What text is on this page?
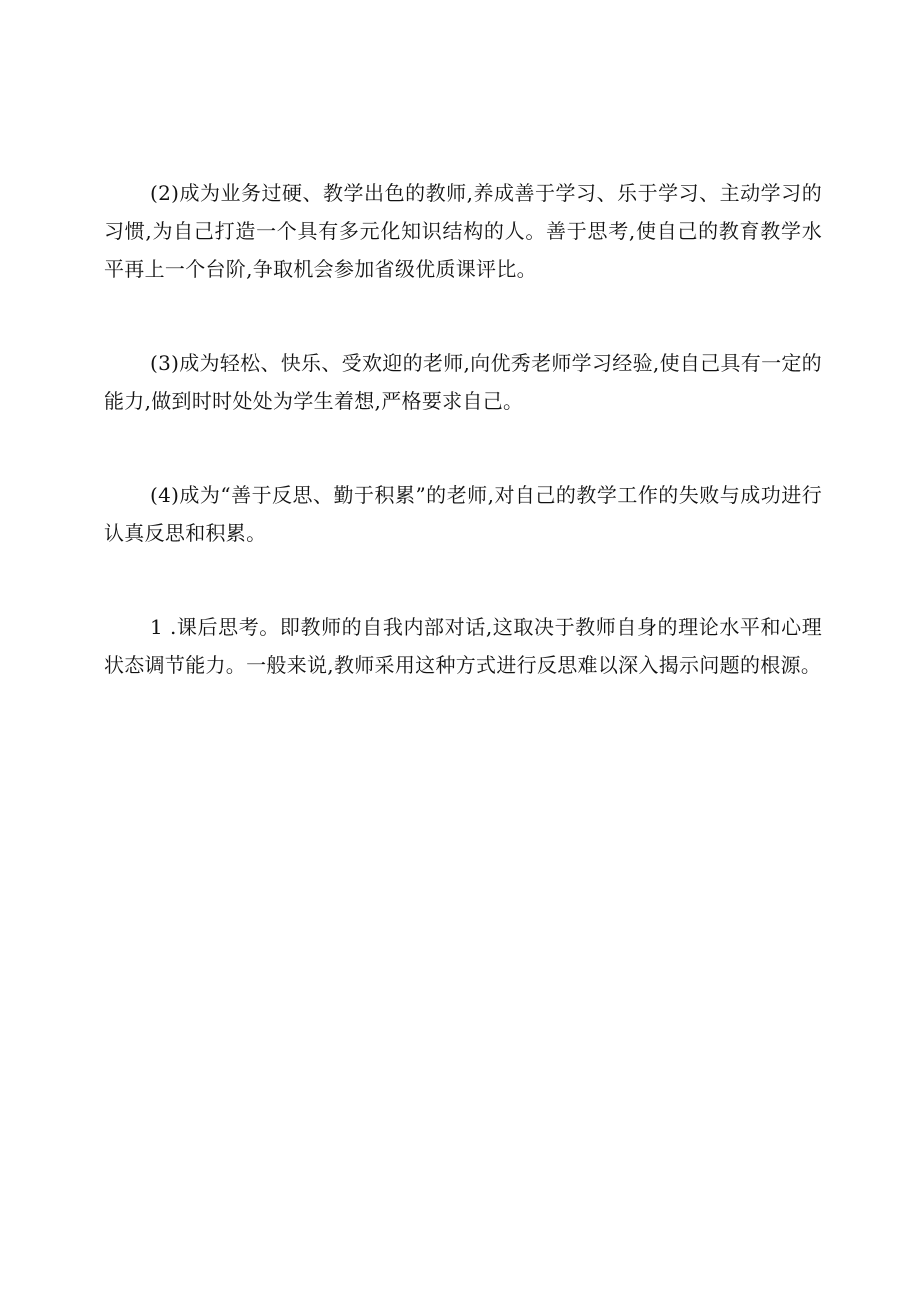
(2)成为业务过硬、教学出色的教师,养成善于学习、乐于学习、主动学习的习惯,为自己打造一个具有多元化知识结构的人。善于思考,使自己的教育教学水平再上一个台阶,争取机会参加省级优质课评比。

(3)成为轻松、快乐、受欢迎的老师,向优秀老师学习经验,使自己具有一定的能力,做到时时处处为学生着想,严格要求自己。

(4)成为“善于反思、勤于积累”的老师,对自己的教学工作的失败与成功进行认真反思和积累。

1 .课后思考。即教师的自我内部对话,这取决于教师自身的理论水平和心理状态调节能力。一般来说,教师采用这种方式进行反思难以深入揭示问题的根源。
